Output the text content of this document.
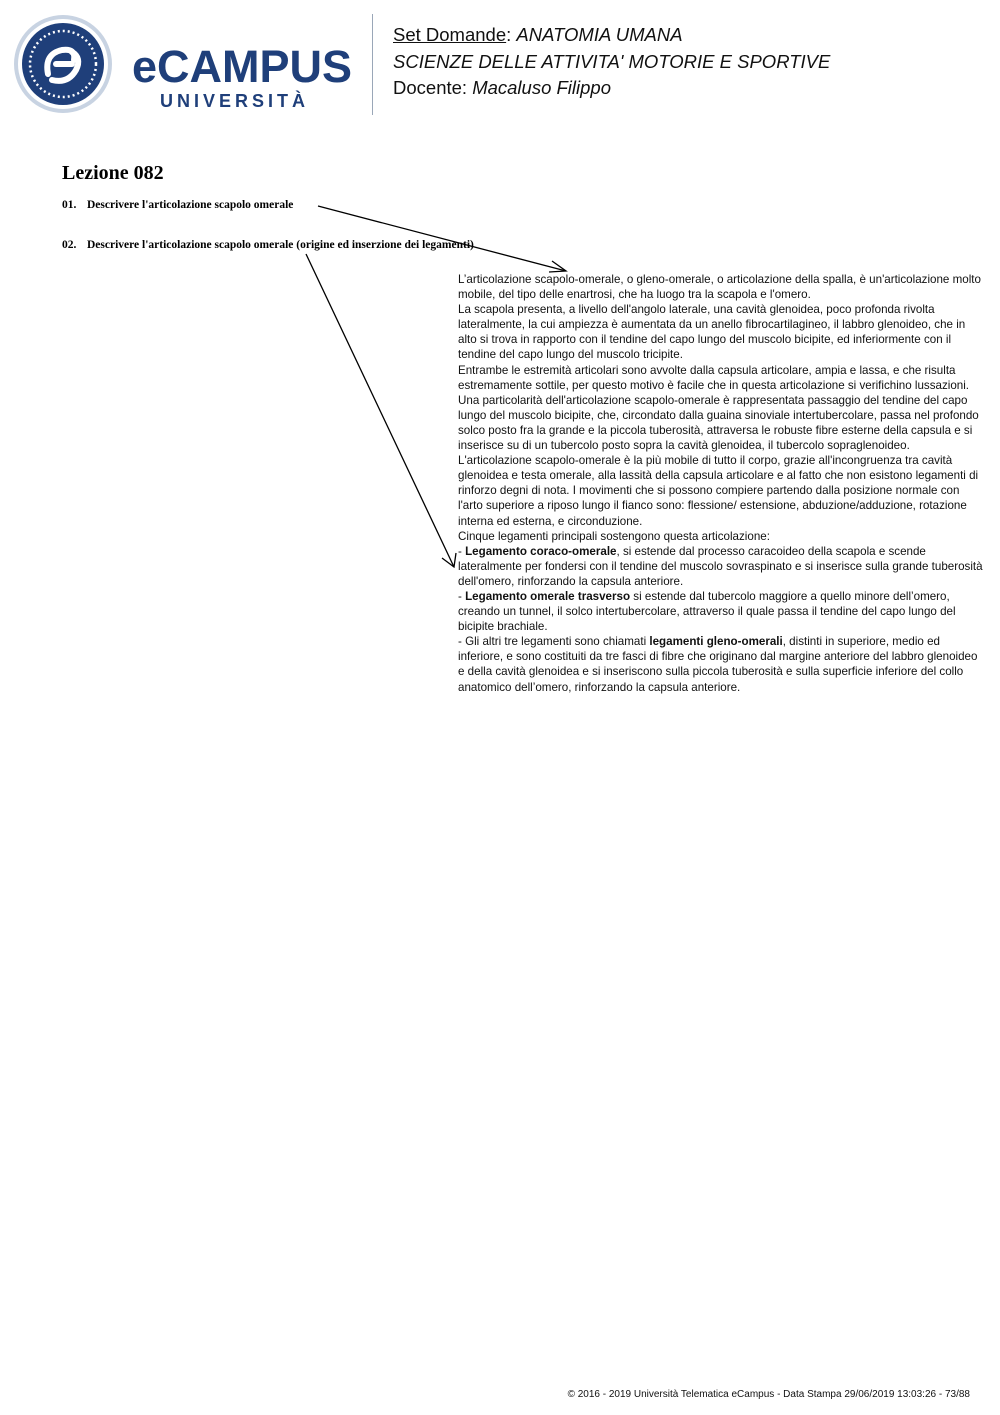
eCAMPUS
UNIVERSITÀ
Set Domande: ANATOMIA UMANA
SCIENZE DELLE ATTIVITA' MOTORIE E SPORTIVE
Docente: Macaluso Filippo
Lezione 082
01. Descrivere l'articolazione scapolo omerale
02. Descrivere l'articolazione scapolo omerale (origine ed inserzione dei legamenti)

L’articolazione scapolo-omerale, o gleno-omerale, o articolazione della spalla, è un'articolazione molto mobile, del tipo delle enartrosi, che ha luogo tra la scapola e l'omero.

La scapola presenta, a livello dell'angolo laterale, una cavità glenoidea, poco profonda rivolta lateralmente, la cui ampiezza è aumentata da un anello fibrocartilagineo, il labbro glenoideo, che in alto si trova in rapporto con il tendine del capo lungo del muscolo bicipite, ed inferiormente con il tendine del capo lungo del muscolo tricipite.

Entrambe le estremità articolari sono avvolte dalla capsula articolare, ampia e lassa, e che risulta estremamente sottile, per questo motivo è facile che in questa articolazione si verifichino lussazioni.

Una particolarità dell'articolazione scapolo-omerale è rappresentata passaggio del tendine del capo lungo del muscolo bicipite, che, circondato dalla guaina sinoviale intertubercolare, passa nel profondo solco posto fra la grande e la piccola tuberosità, attraversa le robuste fibre esterne della capsula e si inserisce su di un tubercolo posto sopra la cavità glenoidea, il tubercolo sopraglenoideo.

L'articolazione scapolo-omerale è la più mobile di tutto il corpo, grazie all'incongruenza tra cavità glenoidea e testa omerale, alla lassità della capsula articolare e al fatto che non esistono legamenti di rinforzo degni di nota. I movimenti che si possono compiere partendo dalla posizione normale con l'arto superiore a riposo lungo il fianco sono: flessione/ estensione, abduzione/adduzione, rotazione interna ed esterna, e circonduzione.

Cinque legamenti principali sostengono questa articolazione:

- Legamento coraco-omerale, si estende dal processo caracoideo della scapola e scende lateralmente per fondersi con il tendine del muscolo sovraspinato e si inserisce sulla grande tuberosità dell'omero, rinforzando la capsula anteriore.

- Legamento omerale trasverso si estende dal tubercolo maggiore a quello minore dell’omero, creando un tunnel, il solco intertubercolare, attraverso il quale passa il tendine del capo lungo del bicipite brachiale.

- Gli altri tre legamenti sono chiamati legamenti gleno-omerali, distinti in superiore, medio ed inferiore, e sono costituiti da tre fasci di fibre che originano dal margine anteriore del labbro glenoideo e della cavità glenoidea e si inseriscono sulla piccola tuberosità e sulla superficie inferiore del collo anatomico dell’omero, rinforzando la capsula anteriore.

© 2016 - 2019 Università Telematica eCampus - Data Stampa 29/06/2019 13:03:26 - 73/88
